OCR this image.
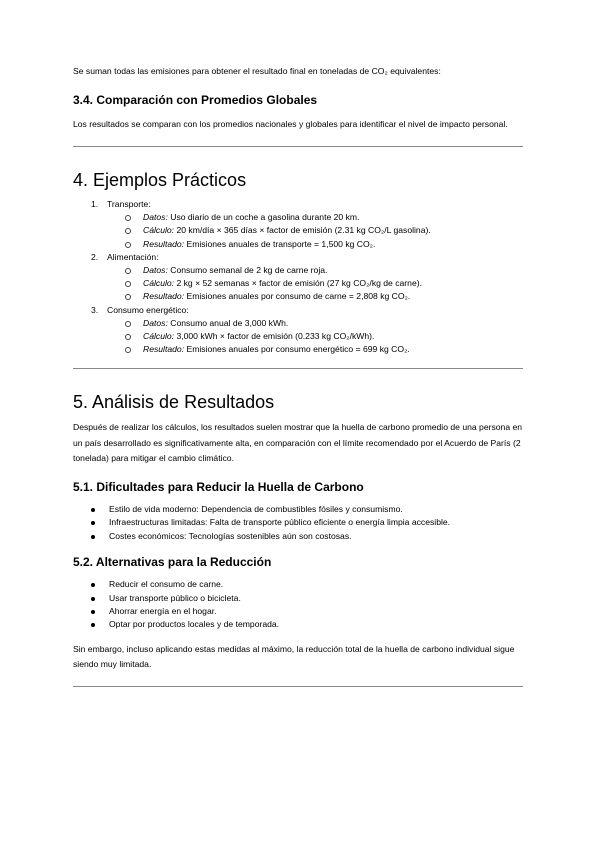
Se suman todas las emisiones para obtener el resultado final en toneladas de CO₂ equivalentes:

3.4. Comparación con Promedios Globales

Los resultados se comparan con los promedios nacionales y globales para identificar el nivel de impacto personal.

4. Ejemplos Prácticos
1. Transporte:
Datos: Uso diario de un coche a gasolina durante 20 km.
Cálculo: 20 km/día × 365 días × factor de emisión (2.31 kg CO₂/L gasolina).
Resultado: Emisiones anuales de transporte = 1,500 kg CO₂.
2. Alimentación:
Datos: Consumo semanal de 2 kg de carne roja.
Cálculo: 2 kg × 52 semanas × factor de emisión (27 kg CO₂/kg de carne).
Resultado: Emisiones anuales por consumo de carne = 2,808 kg CO₂.
3. Consumo energético:
Datos: Consumo anual de 3,000 kWh.
Cálculo: 3,000 kWh × factor de emisión (0.233 kg CO₂/kWh).
Resultado: Emisiones anuales por consumo energético = 699 kg CO₂.
5. Análisis de Resultados

Después de realizar los cálculos, los resultados suelen mostrar que la huella de carbono promedio de una persona en un país desarrollado es significativamente alta, en comparación con el límite recomendado por el Acuerdo de París (2 tonelada) para mitigar el cambio climático.

5.1. Dificultades para Reducir la Huella de Carbono
Estilo de vida moderno: Dependencia de combustibles fósiles y consumismo.
Infraestructuras limitadas: Falta de transporte público eficiente o energía limpia accesible.
Costes económicos: Tecnologías sostenibles aún son costosas.
5.2. Alternativas para la Reducción
Reducir el consumo de carne.
Usar transporte público o bicicleta.
Ahorrar energía en el hogar.
Optar por productos locales y de temporada.

Sin embargo, incluso aplicando estas medidas al máximo, la reducción total de la huella de carbono individual sigue siendo muy limitada.
